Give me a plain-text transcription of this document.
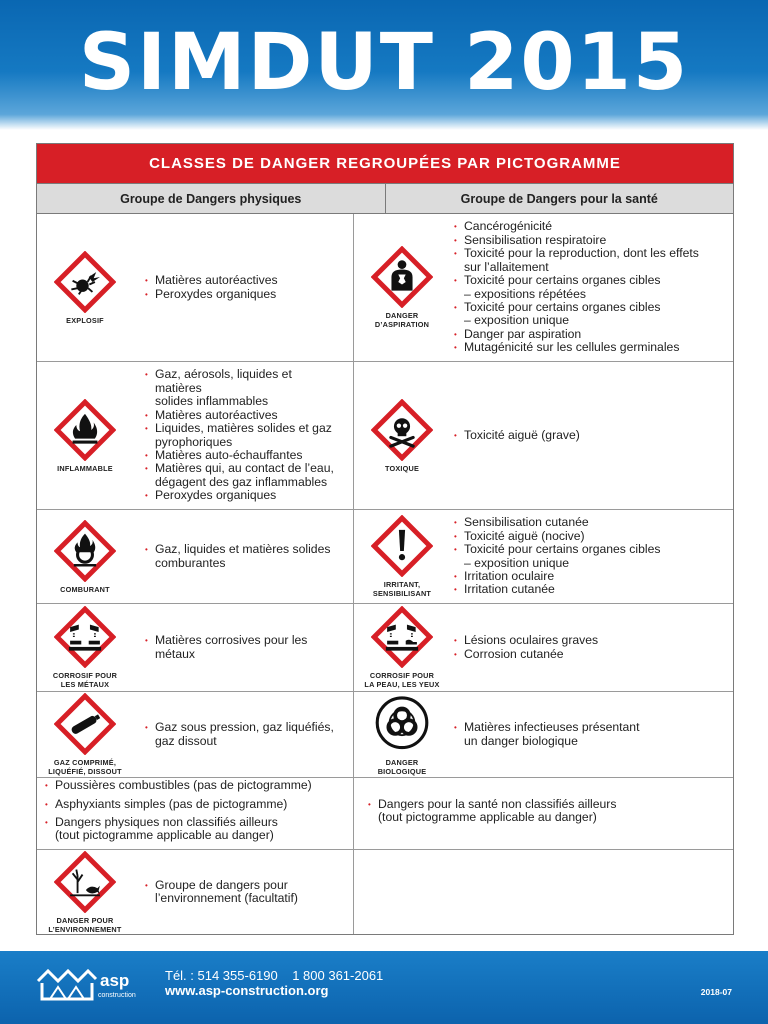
SIMDUT 2015
CLASSES DE DANGER REGROUPÉES PAR PICTOGRAMME
Groupe de Dangers physiques	Groupe de Dangers pour la santé
EXPLOSIF
• Matières autoréactives
• Peroxydes organiques
DANGER
D’ASPIRATION
• Cancérogénicité
• Sensibilisation respiratoire
• Toxicité pour la reproduction, dont les effets
sur l’allaitement
• Toxicité pour certains organes cibles
– expositions répétées
• Toxicité pour certains organes cibles
– exposition unique
• Danger par aspiration
• Mutagénicité sur les cellules germinales
INFLAMMABLE
• Gaz, aérosols, liquides et
matières
solides inflammables
• Matières autoréactives
• Liquides, matières solides et gaz
pyrophoriques
• Matières auto-échauffantes
• Matières qui, au contact de l’eau,
dégagent des gaz inflammables
• Peroxydes organiques
TOXIQUE
• Toxicité aiguë (grave)
COMBURANT
• Gaz, liquides et matières solides
comburantes
IRRITANT,
SENSIBILISANT
• Sensibilisation cutanée
• Toxicité aiguë (nocive)
• Toxicité pour certains organes cibles
– exposition unique
• Irritation oculaire
• Irritation cutanée
CORROSIF POUR
LES MÉTAUX
• Matières corrosives pour les
métaux
CORROSIF POUR
LA PEAU, LES YEUX
• Lésions oculaires graves
• Corrosion cutanée
GAZ COMPRIMÉ,
LIQUÉFIÉ, DISSOUT
• Gaz sous pression, gaz liquéfiés,
gaz dissout
DANGER
BIOLOGIQUE
• Matières infectieuses présentant
un danger biologique
• Poussières combustibles (pas de pictogramme)
• Asphyxiants simples (pas de pictogramme)
• Dangers physiques non classifiés ailleurs
(tout pictogramme applicable au danger)
• Dangers pour la santé non classifiés ailleurs
(tout pictogramme applicable au danger)
DANGER POUR
L’ENVIRONNEMENT
• Groupe de dangers pour
l’environnement (facultatif)
asp
construction
Tél. : 514 355-6190    1 800 361-2061
www.asp-construction.org	2018-07
